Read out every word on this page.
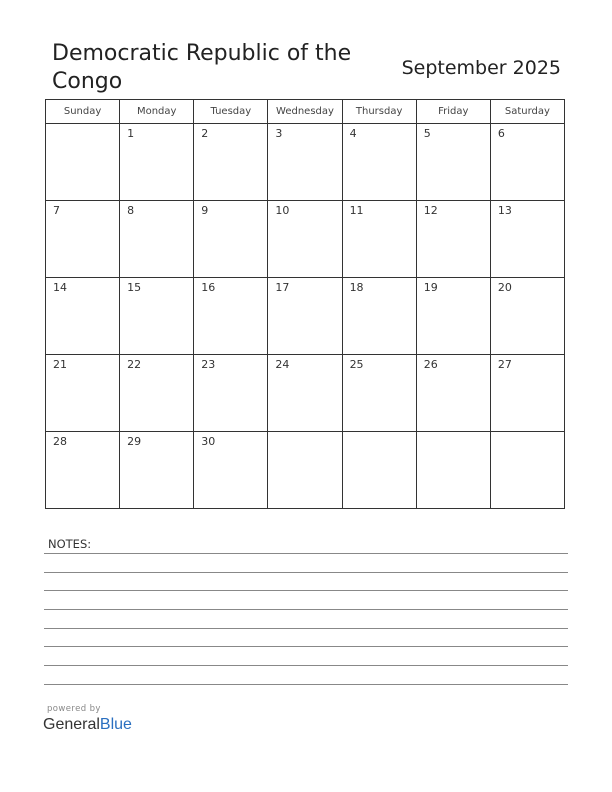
Democratic Republic of the Congo
September 2025
Sunday	Monday	Tuesday	Wednesday	Thursday	Friday	Saturday

	1	2	3	4	5	6

7	8	9	10	11	12	13

14	15	16	17	18	19	20

21	22	23	24	25	26	27

28	29	30				

NOTES:
powered by
GeneralBlue
